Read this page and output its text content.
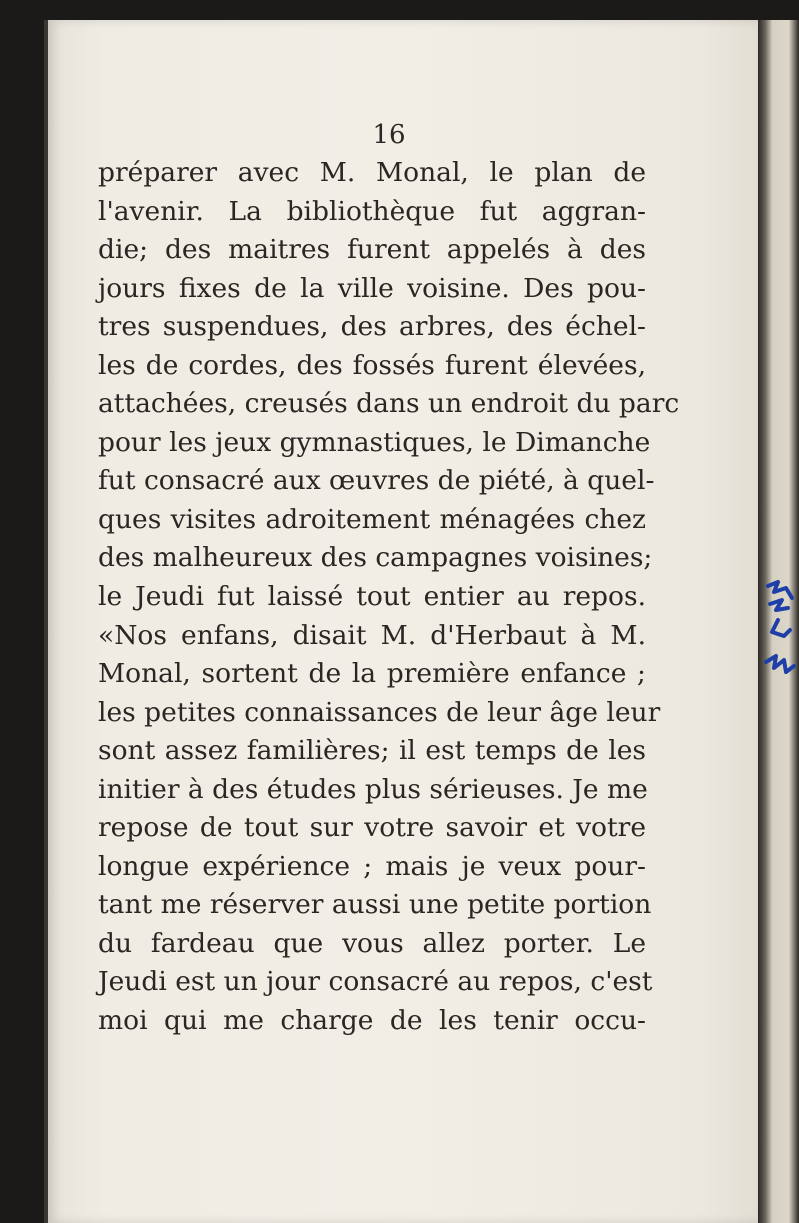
16
préparer avec M. Monal, le plan de
l'avenir. La bibliothèque fut aggran-
die; des maitres furent appelés à des
jours fixes de la ville voisine. Des pou-
tres suspendues, des arbres, des échel-
les de cordes, des fossés furent élevées,
attachées, creusés dans un endroit du parc
pour les jeux gymnastiques, le Dimanche
fut consacré aux œuvres de piété, à quel-
ques visites adroitement ménagées chez
des malheureux des campagnes voisines;
le Jeudi fut laissé tout entier au repos.
«Nos enfans, disait M. d'Herbaut à M.
Monal, sortent de la première enfance ;
les petites connaissances de leur âge leur
sont assez familières; il est temps de les
initier à des études plus sérieuses. Je me
repose de tout sur votre savoir et votre
longue expérience ; mais je veux pour-
tant me réserver aussi une petite portion
du fardeau que vous allez porter. Le
Jeudi est un jour consacré au repos, c'est
moi qui me charge de les tenir occu-
